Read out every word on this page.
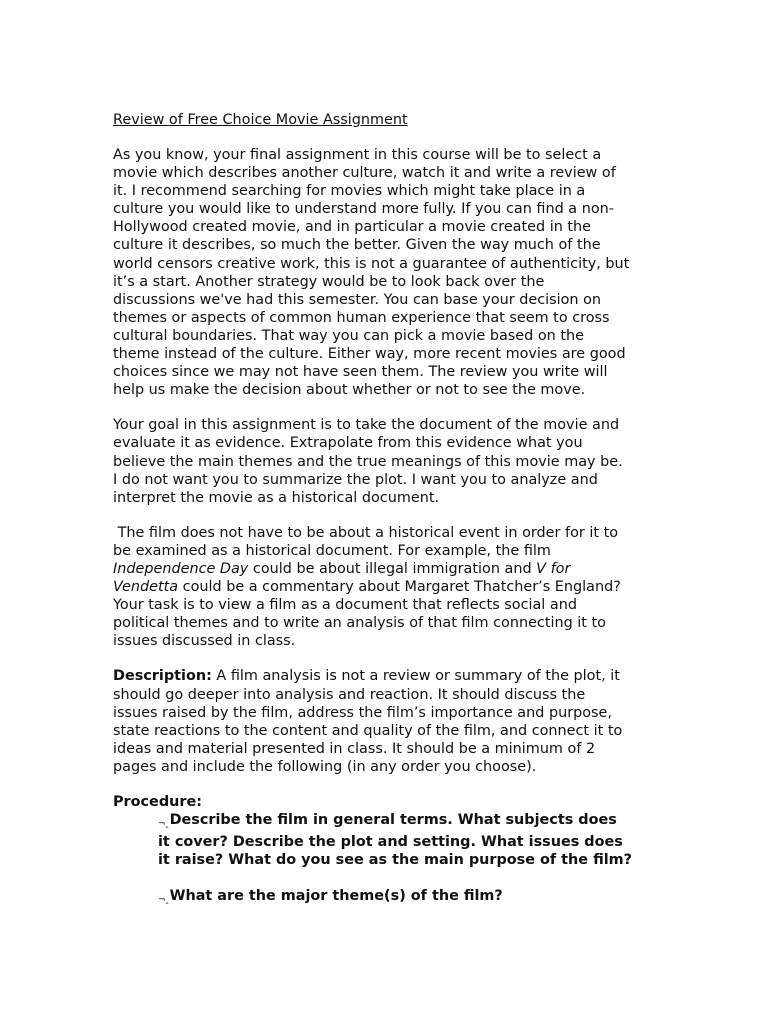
Review of Free Choice Movie Assignment
As you know, your final assignment in this course will be to select a
movie which describes another culture, watch it and write a review of
it. I recommend searching for movies which might take place in a
culture you would like to understand more fully. If you can find a non-
Hollywood created movie, and in particular a movie created in the
culture it describes, so much the better. Given the way much of the
world censors creative work, this is not a guarantee of authenticity, but
it’s a start. Another strategy would be to look back over the
discussions we've had this semester. You can base your decision on
themes or aspects of common human experience that seem to cross
cultural boundaries. That way you can pick a movie based on the
theme instead of the culture. Either way, more recent movies are good
choices since we may not have seen them. The review you write will
help us make the decision about whether or not to see the move.
Your goal in this assignment is to take the document of the movie and
evaluate it as evidence. Extrapolate from this evidence what you
believe the main themes and the true meanings of this movie may be.
I do not want you to summarize the plot. I want you to analyze and
interpret the movie as a historical document.
The film does not have to be about a historical event in order for it to
be examined as a historical document. For example, the film
Independence Day could be about illegal immigration and V for
Vendetta could be a commentary about Margaret Thatcher’s England?
Your task is to view a film as a document that reflects social and
political themes and to write an analysis of that film connecting it to
issues discussed in class.
Description: A film analysis is not a review or summary of the plot, it
should go deeper into analysis and reaction. It should discuss the
issues raised by the film, address the film’s importance and purpose,
state reactions to the content and quality of the film, and connect it to
ideas and material presented in class. It should be a minimum of 2
pages and include the following (in any order you choose).
Procedure:
¬‸Describe the film in general terms. What subjects does
it cover? Describe the plot and setting. What issues does
it raise? What do you see as the main purpose of the film?
¬‸What are the major theme(s) of the film?
